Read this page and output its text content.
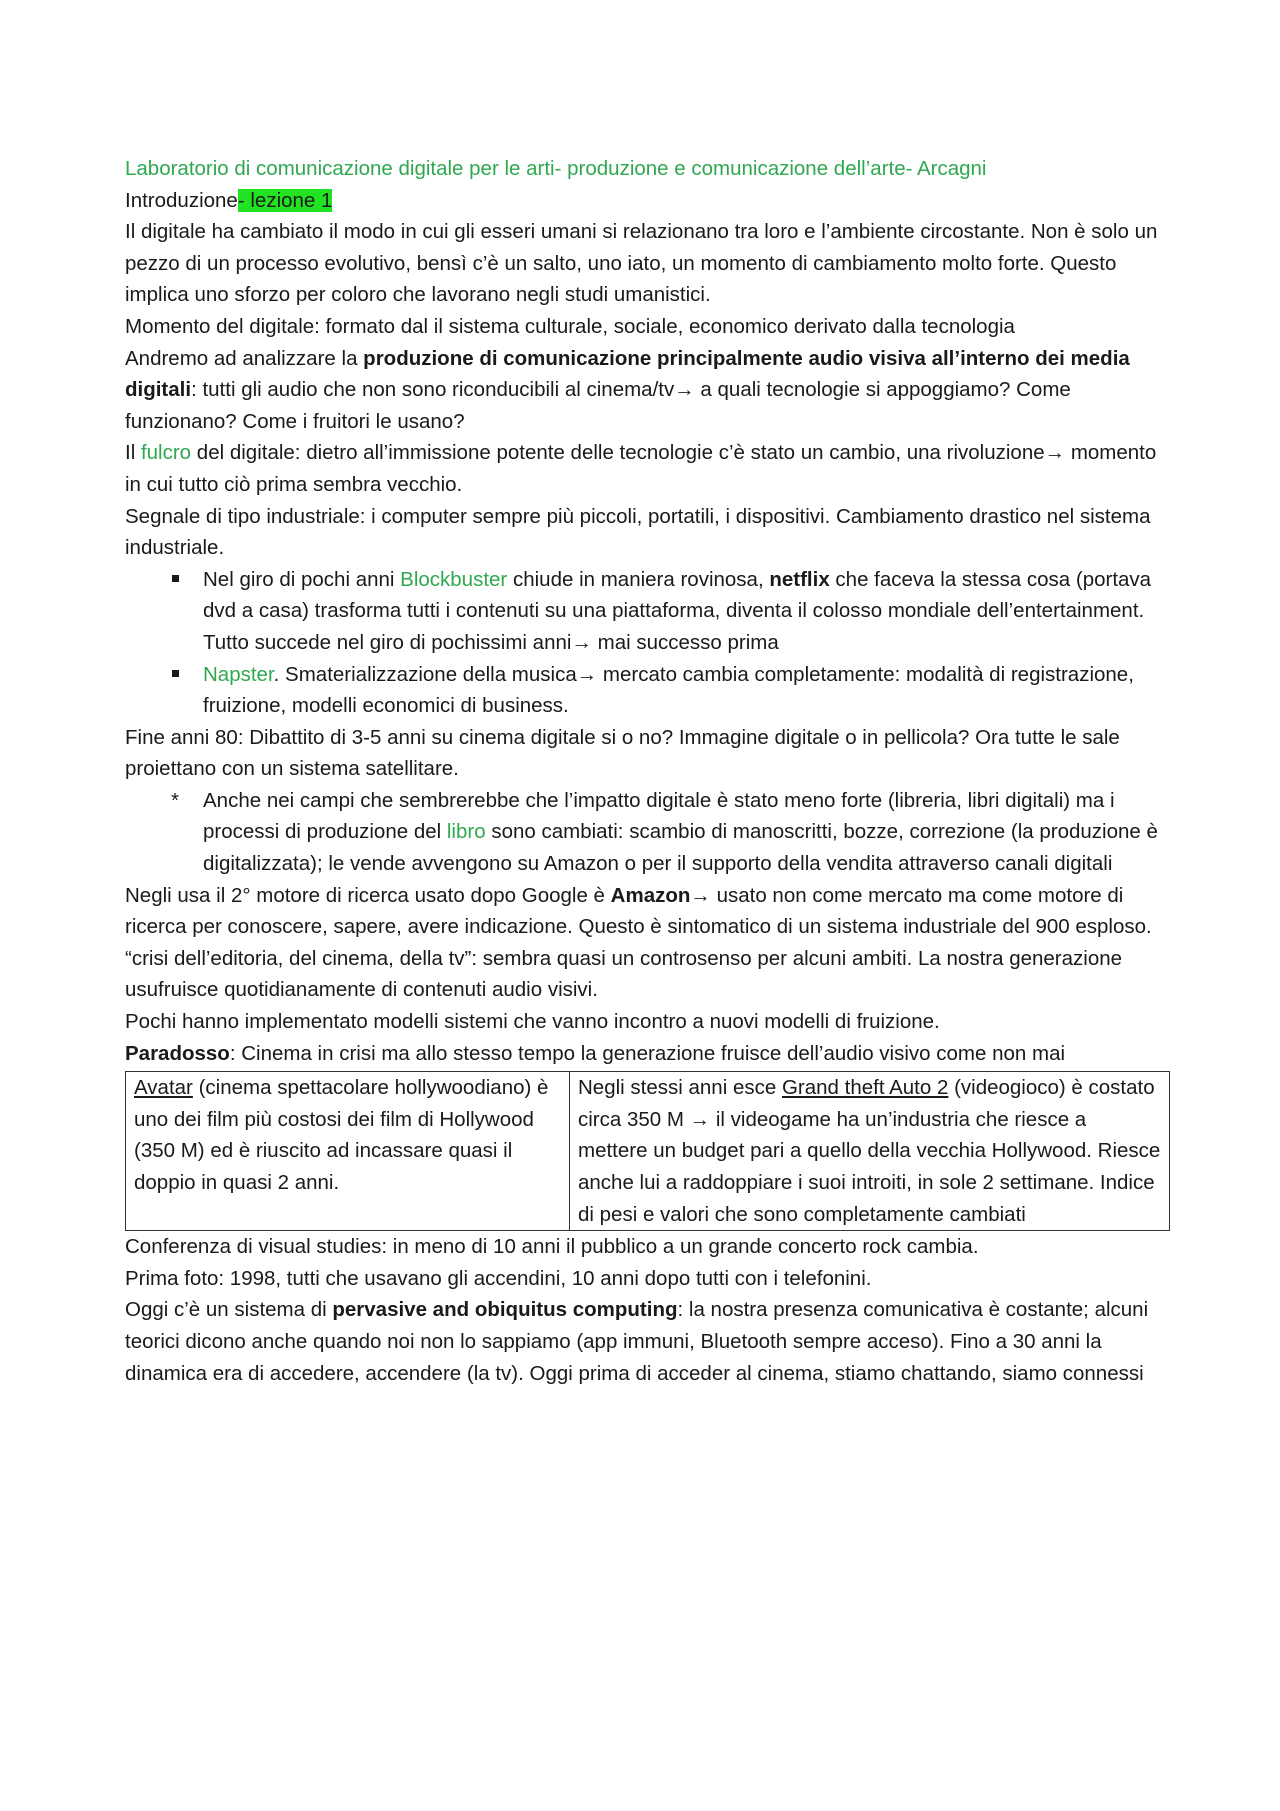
Laboratorio di comunicazione digitale per le arti- produzione e comunicazione dell’arte- Arcagni

Introduzione- lezione 1

Il digitale ha cambiato il modo in cui gli esseri umani si relazionano tra loro e l’ambiente circostante. Non è solo un pezzo di un processo evolutivo, bensì c’è un salto, uno iato, un momento di cambiamento molto forte. Questo implica uno sforzo per coloro che lavorano negli studi umanistici.

Momento del digitale: formato dal il sistema culturale, sociale, economico derivato dalla tecnologia

Andremo ad analizzare la produzione di comunicazione principalmente audio visiva all’interno dei media digitali: tutti gli audio che non sono riconducibili al cinema/tv→ a quali tecnologie si appoggiamo? Come funzionano? Come i fruitori le usano?

Il fulcro del digitale: dietro all’immissione potente delle tecnologie c’è stato un cambio, una rivoluzione→ momento in cui tutto ciò prima sembra vecchio.

Segnale di tipo industriale: i computer sempre più piccoli, portatili, i dispositivi. Cambiamento drastico nel sistema industriale.

Nel giro di pochi anni Blockbuster chiude in maniera rovinosa, netflix che faceva la stessa cosa (portava dvd a casa) trasforma tutti i contenuti su una piattaforma, diventa il colosso mondiale dell’entertainment. Tutto succede nel giro di pochissimi anni→ mai successo prima
Napster. Smaterializzazione della musica→ mercato cambia completamente: modalità di registrazione, fruizione, modelli economici di business.

Fine anni 80: Dibattito di 3-5 anni su cinema digitale si o no? Immagine digitale o in pellicola? Ora tutte le sale proiettano con un sistema satellitare.

* Anche nei campi che sembrerebbe che l’impatto digitale è stato meno forte (libreria, libri digitali) ma i processi di produzione del libro sono cambiati: scambio di manoscritti, bozze, correzione (la produzione è digitalizzata); le vende avvengono su Amazon o per il supporto della vendita attraverso canali digitali

Negli usa il 2° motore di ricerca usato dopo Google è Amazon→ usato non come mercato ma come motore di ricerca per conoscere, sapere, avere indicazione. Questo è sintomatico di un sistema industriale del 900 esploso.

“crisi dell’editoria, del cinema, della tv”: sembra quasi un controsenso per alcuni ambiti. La nostra generazione usufruisce quotidianamente di contenuti audio visivi.

Pochi hanno implementato modelli sistemi che vanno incontro a nuovi modelli di fruizione.

Paradosso: Cinema in crisi ma allo stesso tempo la generazione fruisce dell’audio visivo come non mai

Avatar (cinema spettacolare hollywoodiano) è uno dei film più costosi dei film di Hollywood (350 M) ed è riuscito ad incassare quasi il doppio in quasi 2 anni.	Negli stessi anni esce Grand theft Auto 2 (videogioco) è costato circa 350 M → il videogame ha un’industria che riesce a mettere un budget pari a quello della vecchia Hollywood. Riesce anche lui a raddoppiare i suoi introiti, in sole 2 settimane. Indice di pesi e valori che sono completamente cambiati

Conferenza di visual studies: in meno di 10 anni il pubblico a un grande concerto rock cambia.

Prima foto: 1998, tutti che usavano gli accendini, 10 anni dopo tutti con i telefonini.

Oggi c’è un sistema di pervasive and obiquitus computing: la nostra presenza comunicativa è costante; alcuni teorici dicono anche quando noi non lo sappiamo (app immuni, Bluetooth sempre acceso). Fino a 30 anni la dinamica era di accedere, accendere (la tv). Oggi prima di acceder al cinema, stiamo chattando, siamo connessi
